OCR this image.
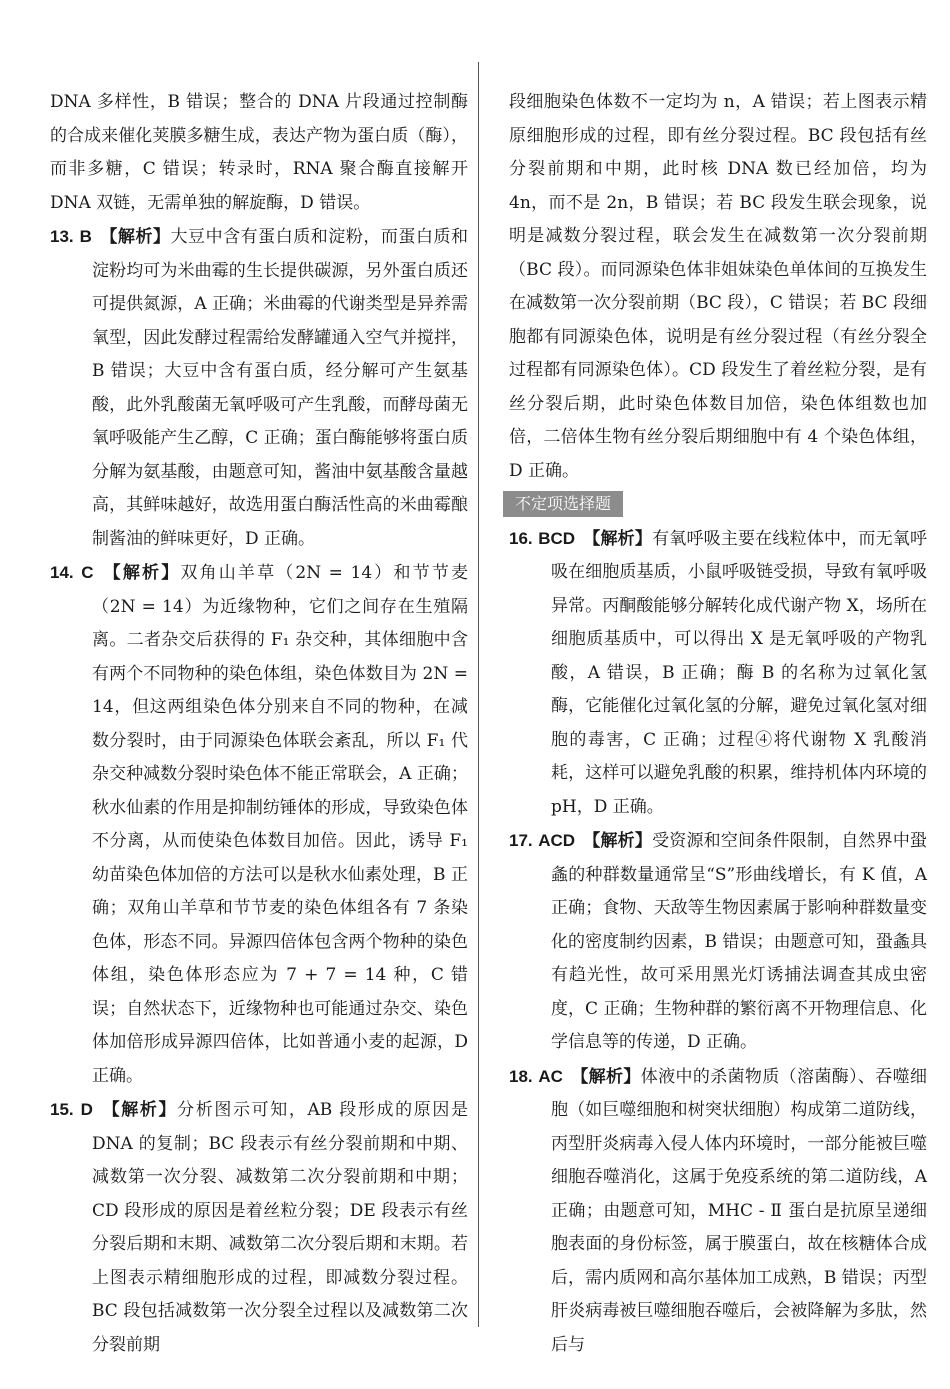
DNA 多样性，B 错误；整合的 DNA 片段通过控制酶的合成来催化荚膜多糖生成，表达产物为蛋白质（酶），而非多糖，C 错误；转录时，RNA 聚合酶直接解开 DNA 双链，无需单独的解旋酶，D 错误。

13. B 【解析】大豆中含有蛋白质和淀粉，而蛋白质和淀粉均可为米曲霉的生长提供碳源，另外蛋白质还可提供氮源，A 正确；米曲霉的代谢类型是异养需氧型，因此发酵过程需给发酵罐通入空气并搅拌，B 错误；大豆中含有蛋白质，经分解可产生氨基酸，此外乳酸菌无氧呼吸可产生乳酸，而酵母菌无氧呼吸能产生乙醇，C 正确；蛋白酶能够将蛋白质分解为氨基酸，由题意可知，酱油中氨基酸含量越高，其鲜味越好，故选用蛋白酶活性高的米曲霉酿制酱油的鲜味更好，D 正确。

14. C 【解析】双角山羊草（2N = 14）和节节麦（2N = 14）为近缘物种，它们之间存在生殖隔离。二者杂交后获得的 F₁ 杂交种，其体细胞中含有两个不同物种的染色体组，染色体数目为 2N = 14，但这两组染色体分别来自不同的物种，在减数分裂时，由于同源染色体联会紊乱，所以 F₁ 代杂交种减数分裂时染色体不能正常联会，A 正确；秋水仙素的作用是抑制纺锤体的形成，导致染色体不分离，从而使染色体数目加倍。因此，诱导 F₁ 幼苗染色体加倍的方法可以是秋水仙素处理，B 正确；双角山羊草和节节麦的染色体组各有 7 条染色体，形态不同。异源四倍体包含两个物种的染色体组，染色体形态应为 7 + 7 = 14 种，C 错误；自然状态下，近缘物种也可能通过杂交、染色体加倍形成异源四倍体，比如普通小麦的起源，D 正确。

15. D 【解析】分析图示可知，AB 段形成的原因是 DNA 的复制；BC 段表示有丝分裂前期和中期、减数第一次分裂、减数第二次分裂前期和中期；CD 段形成的原因是着丝粒分裂；DE 段表示有丝分裂后期和末期、减数第二次分裂后期和末期。若上图表示精细胞形成的过程，即减数分裂过程。BC 段包括减数第一次分裂全过程以及减数第二次分裂前期

段细胞染色体数不一定均为 n，A 错误；若上图表示精原细胞形成的过程，即有丝分裂过程。BC 段包括有丝分裂前期和中期，此时核 DNA 数已经加倍，均为 4n，而不是 2n，B 错误；若 BC 段发生联会现象，说明是减数分裂过程，联会发生在减数第一次分裂前期（BC 段）。而同源染色体非姐妹染色单体间的互换发生在减数第一次分裂前期（BC 段），C 错误；若 BC 段细胞都有同源染色体，说明是有丝分裂过程（有丝分裂全过程都有同源染色体）。CD 段发生了着丝粒分裂，是有丝分裂后期，此时染色体数目加倍，染色体组数也加倍，二倍体生物有丝分裂后期细胞中有 4 个染色体组，D 正确。

不定项选择题

16. BCD 【解析】有氧呼吸主要在线粒体中，而无氧呼吸在细胞质基质，小鼠呼吸链受损，导致有氧呼吸异常。丙酮酸能够分解转化成代谢产物 X，场所在细胞质基质中，可以得出 X 是无氧呼吸的产物乳酸，A 错误，B 正确；酶 B 的名称为过氧化氢酶，它能催化过氧化氢的分解，避免过氧化氢对细胞的毒害，C 正确；过程④将代谢物 X 乳酸消耗，这样可以避免乳酸的积累，维持机体内环境的 pH，D 正确。

17. ACD 【解析】受资源和空间条件限制，自然界中蛩螽的种群数量通常呈“S”形曲线增长，有 K 值，A 正确；食物、天敌等生物因素属于影响种群数量变化的密度制约因素，B 错误；由题意可知，蛩螽具有趋光性，故可采用黑光灯诱捕法调查其成虫密度，C 正确；生物种群的繁衍离不开物理信息、化学信息等的传递，D 正确。

18. AC 【解析】体液中的杀菌物质（溶菌酶）、吞噬细胞（如巨噬细胞和树突状细胞）构成第二道防线，丙型肝炎病毒入侵人体内环境时，一部分能被巨噬细胞吞噬消化，这属于免疫系统的第二道防线，A 正确；由题意可知，MHC - Ⅱ 蛋白是抗原呈递细胞表面的身份标签，属于膜蛋白，故在核糖体合成后，需内质网和高尔基体加工成熟，B 错误；丙型肝炎病毒被巨噬细胞吞噬后，会被降解为多肽，然后与
